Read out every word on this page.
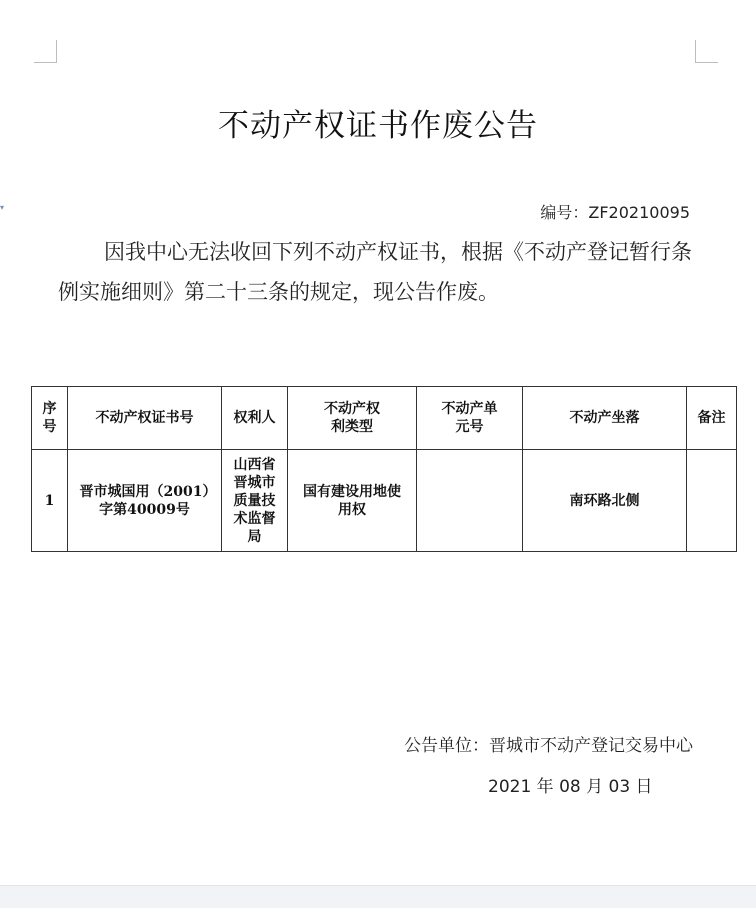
▾
不动产权证书作废公告
编号：ZF20210095
因我中心无法收回下列不动产权证书，根据《不动产登记暂行条例实施细则》第二十三条的规定，现公告作废。
序号	不动产权证书号	权利人	不动产权利类型	不动产单元号	不动产坐落	备注
1	晋市城国用（2001）字第40009号	山西省晋城市质量技术监督局	国有建设用地使用权		南环路北侧	
公告单位：晋城市不动产登记交易中心
2021 年 08 月 03 日
